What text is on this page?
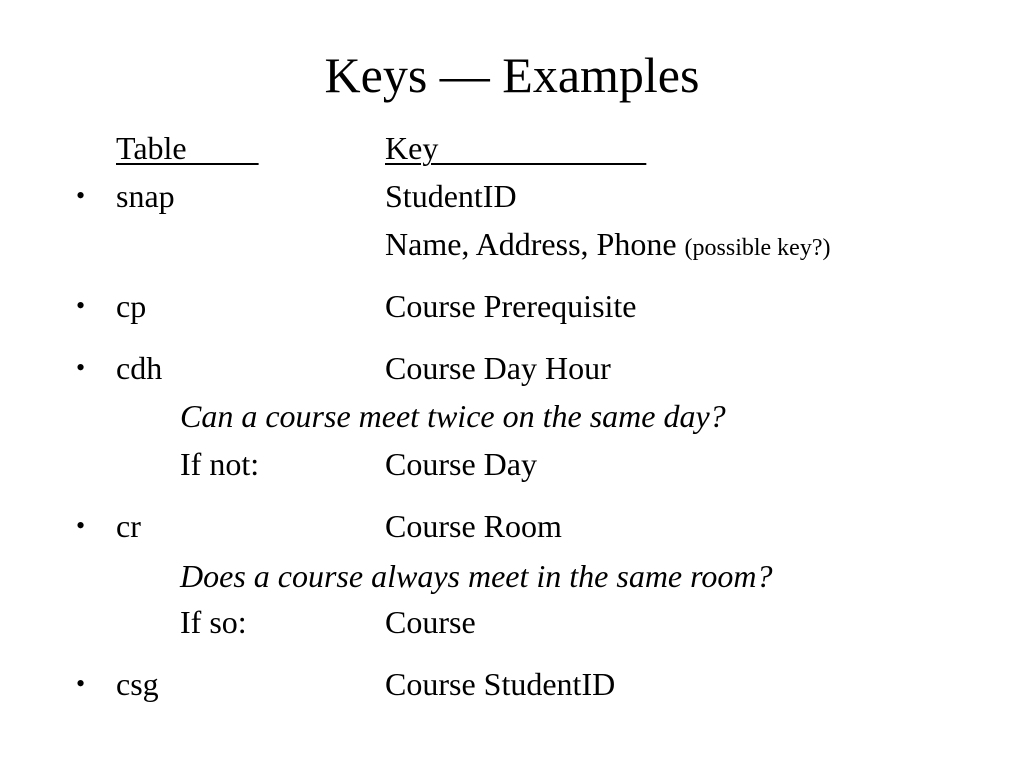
Keys — Examples
Table	Key
• snap	StudentID
Name, Address, Phone (possible key?)
• cp	Course Prerequisite
• cdh	Course Day Hour
Can a course meet twice on the same day?
If not:	Course Day
• cr	Course Room
Does a course always meet in the same room?
If so:	Course
• csg	Course StudentID
